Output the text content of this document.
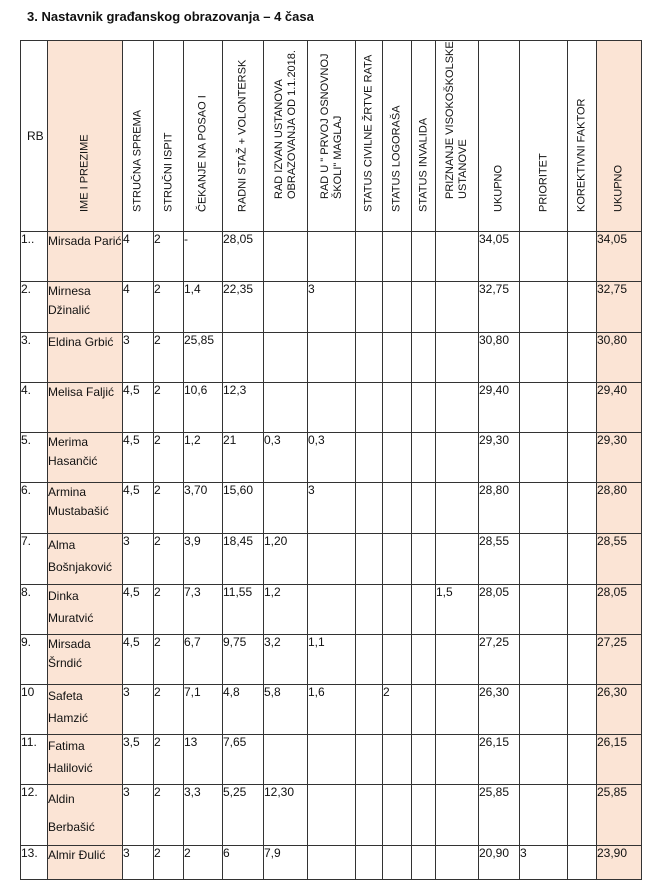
3. Nastavnik građanskog obrazovanja – 4 časa
RB	IME I PREZIME	STRUČNA SPREMA	STRUČNI ISPIT	ČEKANJE NA POSAO I	RADNI STAŽ + VOLONTERSK	RAD IZVAN USTANOVA OBRAZOVANJA OD 1.1.2018.	RAD U " PRVOJ OSNOVNOJ ŠKOLI" MAGLAJ	STATUS CIVILNE ŽRTVE RATA	STATUS LOGORAŠA	STATUS INVALIDA	PRIZNANJE VISOKOŠKOLSKE USTANOVE	UKUPNO	PRIORITET	KOREKTIVNI FAKTOR	UKUPNO

1..	Mirsada Parić	4	2	-	28,05							34,05			34,05
2.	Mirnesa Džinalić	4	2	1,4	22,35		3					32,75			32,75
3.	Eldina Grbić	3	2	25,85								30,80			30,80
4.	Melisa Faljić	4,5	2	10,6	12,3							29,40			29,40
5.	Merima Hasančić	4,5	2	1,2	21	0,3	0,3					29,30			29,30
6.	Armina Mustabašić	4,5	2	3,70	15,60		3					28,80			28,80
7.	Alma Bošnjaković	3	2	3,9	18,45	1,20						28,55			28,55
8.	Dinka Muratvić	4,5	2	7,3	11,55	1,2					1,5	28,05			28,05
9.	Mirsada Šrndić	4,5	2	6,7	9,75	3,2	1,1					27,25			27,25
10	Safeta Hamzić	3	2	7,1	4,8	5,8	1,6		2			26,30			26,30
11.	Fatima Halilović	3,5	2	13	7,65							26,15			26,15
12.	Aldin Berbašić	3	2	3,3	5,25	12,30						25,85			25,85
13.	Almir Đulić	3	2	2	6	7,9						20,90	3		23,90
